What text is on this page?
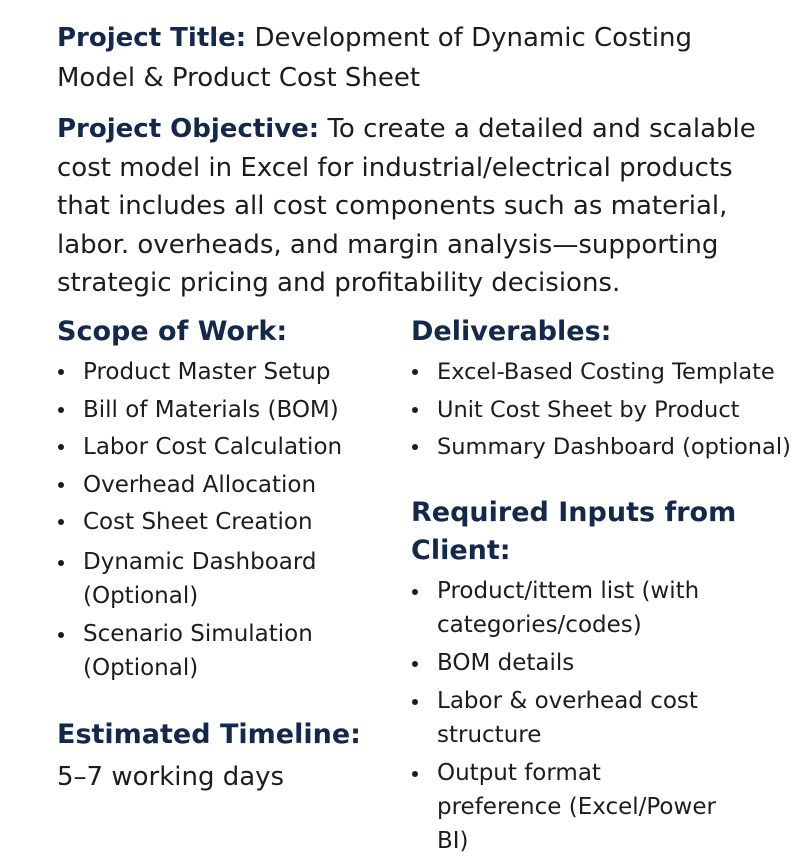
Project Title: Development of Dynamic Costing Model & Product Cost Sheet
Project Objective: To create a detailed and scalable cost model in Excel for industrial/electrical products that includes all cost components such as material, labor. overheads, and margin analysis—supporting strategic pricing and profitability decisions.
Scope of Work:
Product Master Setup
Bill of Materials (BOM)
Labor Cost Calculation
Overhead Allocation
Cost Sheet Creation
Dynamic Dashboard (Optional)
Scenario Simulation (Optional)
Deliverables:
Excel-Based Costing Template
Unit Cost Sheet by Product
Summary Dashboard (optional)
Required Inputs from Client:
Product/ittem list (with categories/codes)
BOM details
Labor & overhead cost structure
Output format preference (Excel/Power BI)
Estimated Timeline:
5–7 working days
